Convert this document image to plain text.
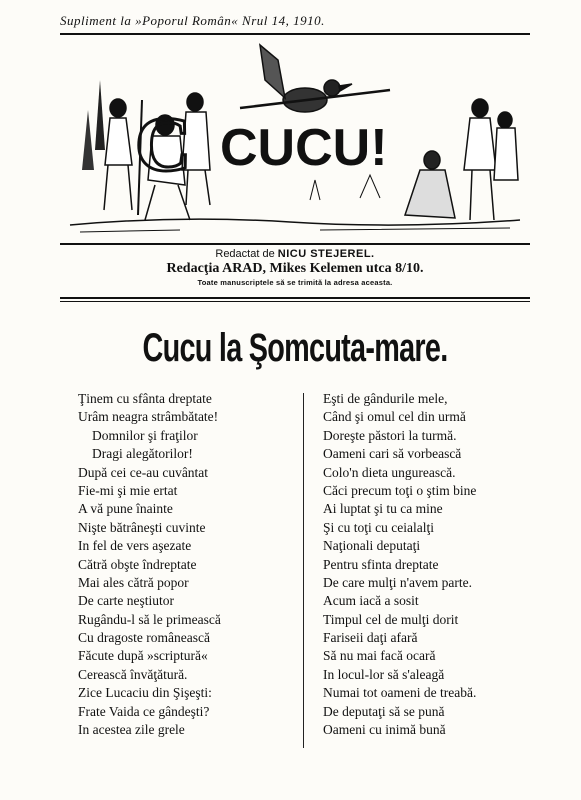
Supliment la »Poporul Român« Nrul 14, 1910.
C CUCU!
Redactat de NICU STEJEREL.
Redacţia ARAD, Mikes Kelemen utca 8/10.
Toate manuscriptele să se trimită la adresa aceasta.
Cucu la Şomcuta-mare.
Ţinem cu sfânta dreptate
Urâm neagra strâmbătate!
Domnilor şi fraţilor
Dragi alegătorilor!
După cei ce-au cuvântat
Fie-mi şi mie ertat
A vă pune înainte
Nişte bătrâneşti cuvinte
In fel de vers aşezate
Cătră obşte îndreptate
Mai ales cătră popor
De carte neştiutor
Rugându-l să le primească
Cu dragoste românească
Făcute după »scriptură«
Cerească învăţătură.
Zice Lucaciu din Şişeşti:
Frate Vaida ce gândeşti?
In acestea zile grele
Eşti de gândurile mele,
Când şi omul cel din urmă
Doreşte păstori la turmă.
Oameni cari să vorbească
Colo'n dieta ungurească.
Căci precum toţi o ştim bine
Ai luptat şi tu ca mine
Şi cu toţi cu ceialalţi
Naţionali deputaţi
Pentru sfinta dreptate
De care mulţi n'avem parte.
Acum iacă a sosit
Timpul cel de mulţi dorit
Fariseii daţi afară
Să nu mai facă ocară
In locul-lor să s'aleagă
Numai tot oameni de treabă.
De deputaţi să se pună
Oameni cu inimă bună
